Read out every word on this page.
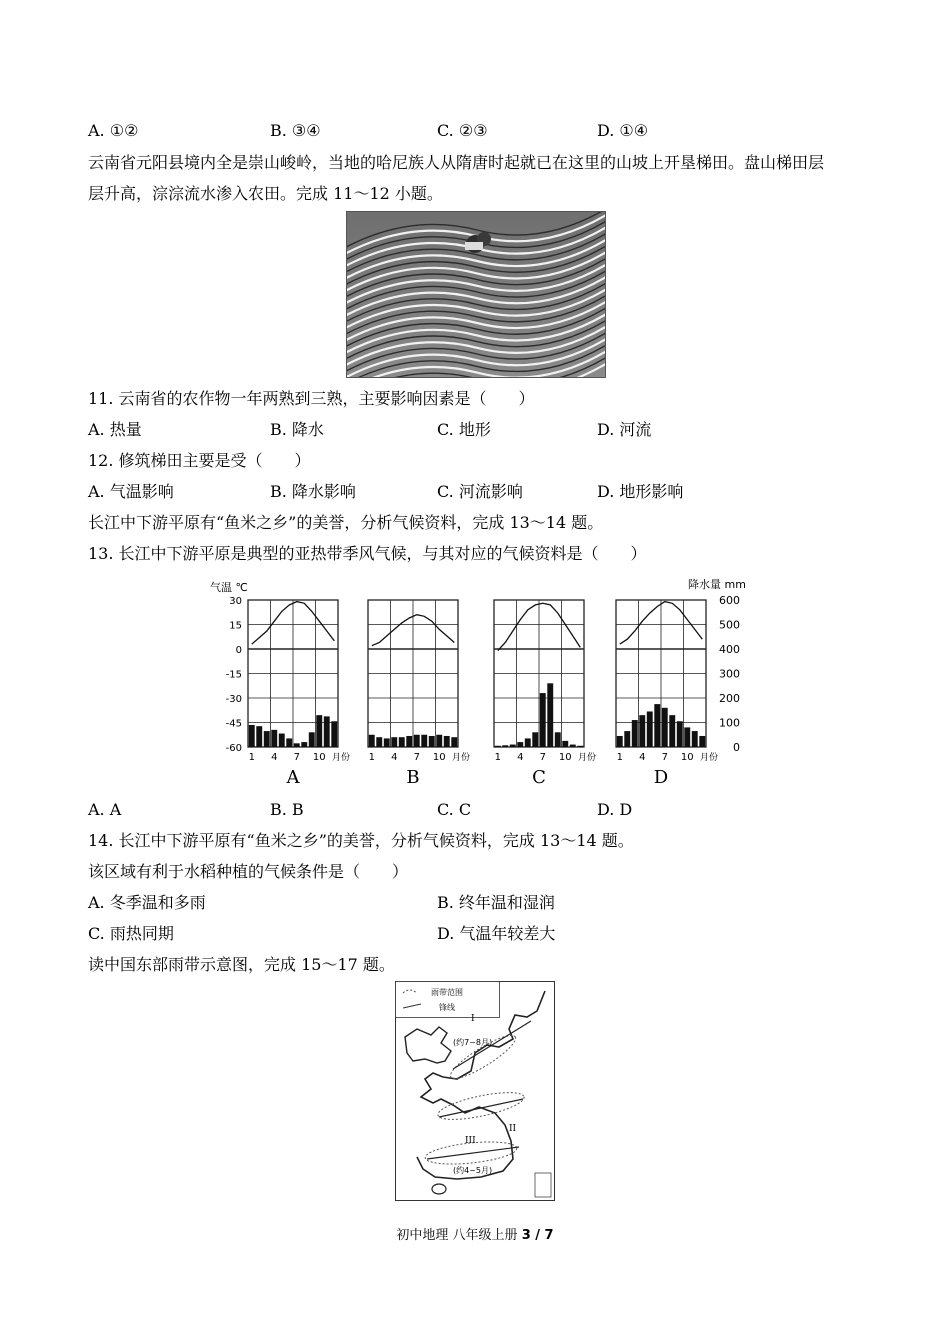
A. ①②	B. ③④	C. ②③	D. ①④
云南省元阳县境内全是崇山峻岭，当地的哈尼族人从隋唐时起就已在这里的山坡上开垦梯田。盘山梯田层
层升高，淙淙流水渗入农田。完成 11～12 小题。
11. 云南省的农作物一年两熟到三熟，主要影响因素是（　　）
A. 热量	B. 降水	C. 地形	D. 河流
12. 修筑梯田主要是受（　　）
A. 气温影响	B. 降水影响	C. 河流影响	D. 地形影响
长江中下游平原有“鱼米之乡”的美誉，分析气候资料，完成 13～14 题。
13. 长江中下游平原是典型的亚热带季风气候，与其对应的气候资料是（　　）
气温 ℃	降水量 mm
30
15
0
-15
-30
-45
-60
600
500
400
300
200
100
0
1 4 7 10 月份
A
1 4 7 10 月份
B
1 4 7 10 月份
C
1 4 7 10 月份
D
A. A	B. B	C. C	D. D
14. 长江中下游平原有“鱼米之乡”的美誉，分析气候资料，完成 13～14 题。
该区域有利于水稻种植的气候条件是（　　）
A. 冬季温和多雨	B. 终年温和湿润
C. 雨热同期	D. 气温年较差大
读中国东部雨带示意图，完成 15～17 题。
雨带范围
锋线
I
(约7~8月)
II
III
(约4~5月)
初中地理 八年级上册 3 / 7
